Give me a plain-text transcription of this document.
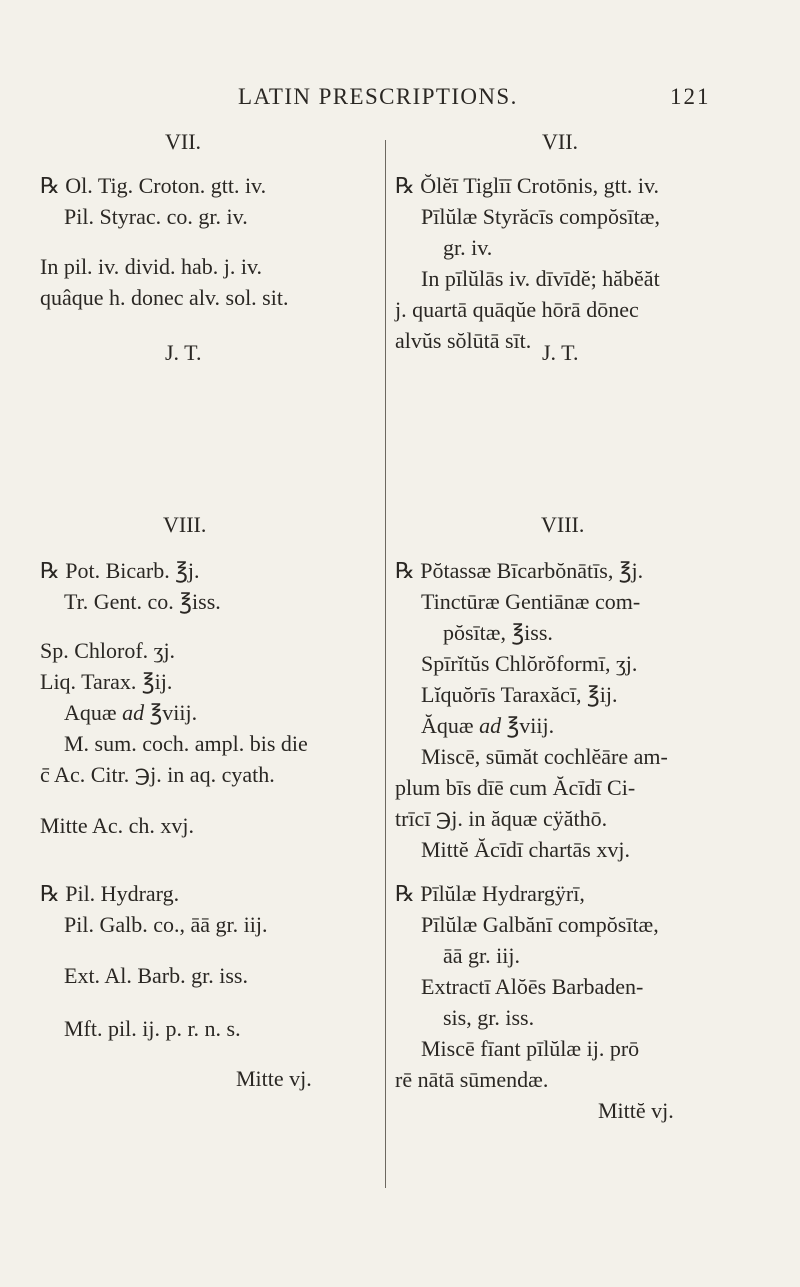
LATIN PRESCRIPTIONS.	121
VII.
℞ Ol. Tig. Croton. gtt. iv.
Pil. Styrac. co. gr. iv.
In pil. iv. divid. hab. j. iv.
quâque h. donec alv. sol. sit.
J. T.
VIII.
℞ Pot. Bicarb. ℥j.
Tr. Gent. co. ℥iss.
Sp. Chlorof. ʒj.
Liq. Tarax. ℥ij.
Aquæ ad ℥viij.
M. sum. coch. ampl. bis die
c̄ Ac. Citr. ℈j. in aq. cyath.
Mitte Ac. ch. xvj.
℞ Pil. Hydrarg.
Pil. Galb. co., āā gr. iij.
Ext. Al. Barb. gr. iss.
Mft. pil. ij. p. r. n. s.
Mitte vj.
VII.
℞ Ŏlĕī Tiglīī Crotōnis, gtt. iv.
Pīlŭlæ Styrăcīs compŏsītæ,
gr. iv.
In pīlŭlās iv. dīvīdĕ; hăbĕăt
j. quartā quāqŭe hōrā dōnec
alvŭs sŏlūtā sīt. J. T.
VIII.
℞ Pŏtassæ Bīcarbŏnātīs, ℥j.
Tinctūræ Gentiānæ com-
pŏsītæ, ℥iss.
Spīrĭtŭs Chlŏrŏformī, ʒj.
Lĭquŏrīs Taraxăcī, ℥ij.
Ăquæ ad ℥viij.
Miscē, sūmăt cochlĕāre am-
plum bīs dīē cum Ăcīdī Ci-
trīcī ℈j. in ăquæ cÿăthō.
Mittĕ Ăcīdī chartās xvj.
℞ Pīlŭlæ Hydrargÿrī,
Pīlŭlæ Galbănī compŏsītæ,
āā gr. iij.
Extractī Alŏēs Barbaden-
sis, gr. iss.
Miscē fīant pīlŭlæ ij. prō
rē nātā sūmendæ.
Mittĕ vj.
